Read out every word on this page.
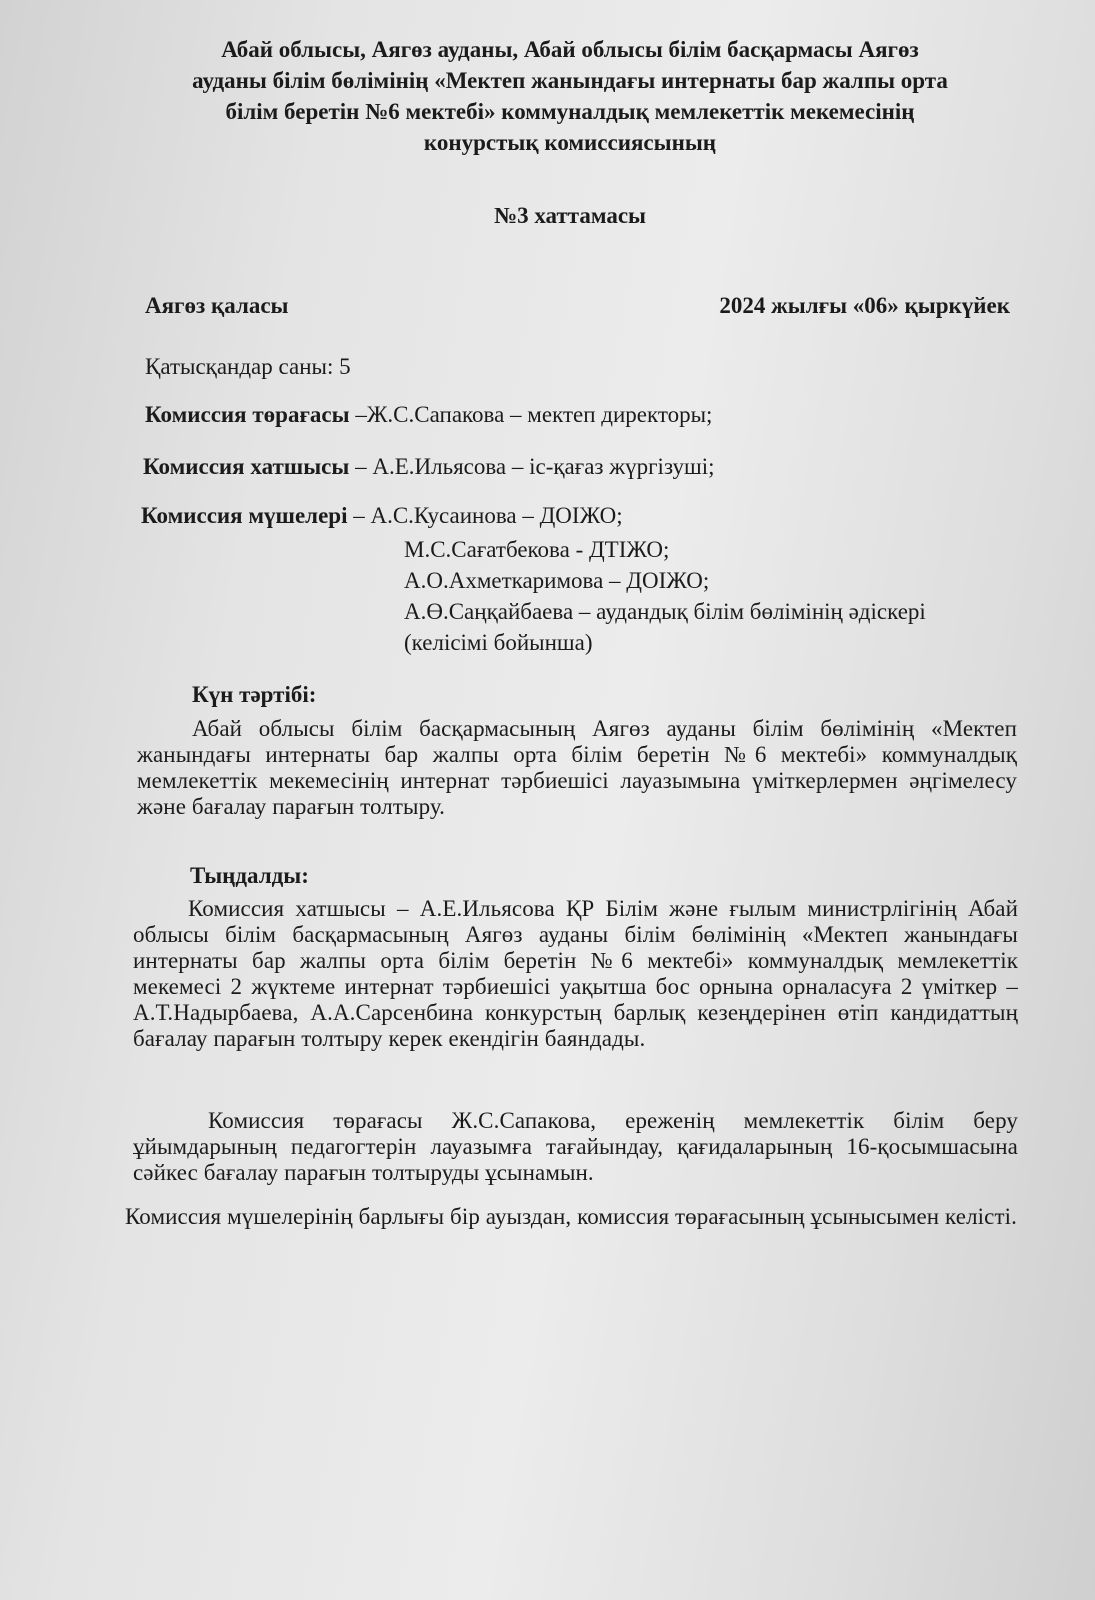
Абай облысы, Аягөз ауданы, Абай облысы білім басқармасы Аягөз
ауданы білім бөлімінің «Мектеп жанындағы интернаты бар жалпы орта
білім беретін №6 мектебі» коммуналдық мемлекеттік мекемесінің
конурстық комиссиясының
№3 хаттамасы
Аягөз қаласы	2024 жылғы «06» қыркүйек
Қатысқандар саны: 5
Комиссия төрағасы –Ж.С.Сапакова – мектеп директоры;
Комиссия хатшысы – А.Е.Ильясова – іс-қағаз жүргізуші;
Комиссия мүшелері – А.С.Кусаинова – ДОІЖО;
М.С.Сағатбекова - ДТІЖО;
А.О.Ахметкаримова – ДОІЖО;
А.Ө.Саңқайбаева – аудандық білім бөлімінің әдіскері
(келісімі бойынша)
Күн тәртібі:
Абай облысы білім басқармасының Аягөз ауданы білім бөлімінің «Мектеп жанындағы интернаты бар жалпы орта білім беретін №6 мектебі» коммуналдық мемлекеттік мекемесінің интернат тәрбиешісі лауазымына үміткерлермен әңгімелесу және бағалау парағын толтыру.
Тыңдалды:
Комиссия хатшысы – А.Е.Ильясова ҚР Білім және ғылым министрлігінің Абай облысы білім басқармасының Аягөз ауданы білім бөлімінің «Мектеп жанындағы интернаты бар жалпы орта білім беретін №6 мектебі» коммуналдық мемлекеттік мекемесі 2 жүктеме интернат тәрбиешісі уақытша бос орнына орналасуға 2 үміткер – А.Т.Надырбаева, А.А.Сарсенбина конкурстың барлық кезеңдерінен өтіп кандидаттың бағалау парағын толтыру керек екендігін баяндады.
Комиссия төрағасы Ж.С.Сапакова, ереженің мемлекеттік білім беру ұйымдарының педагогтерін лауазымға тағайындау, қағидаларының 16-қосымшасына сәйкес бағалау парағын толтыруды ұсынамын.
Комиссия мүшелерінің барлығы бір ауыздан, комиссия төрағасының ұсынысымен келісті.
